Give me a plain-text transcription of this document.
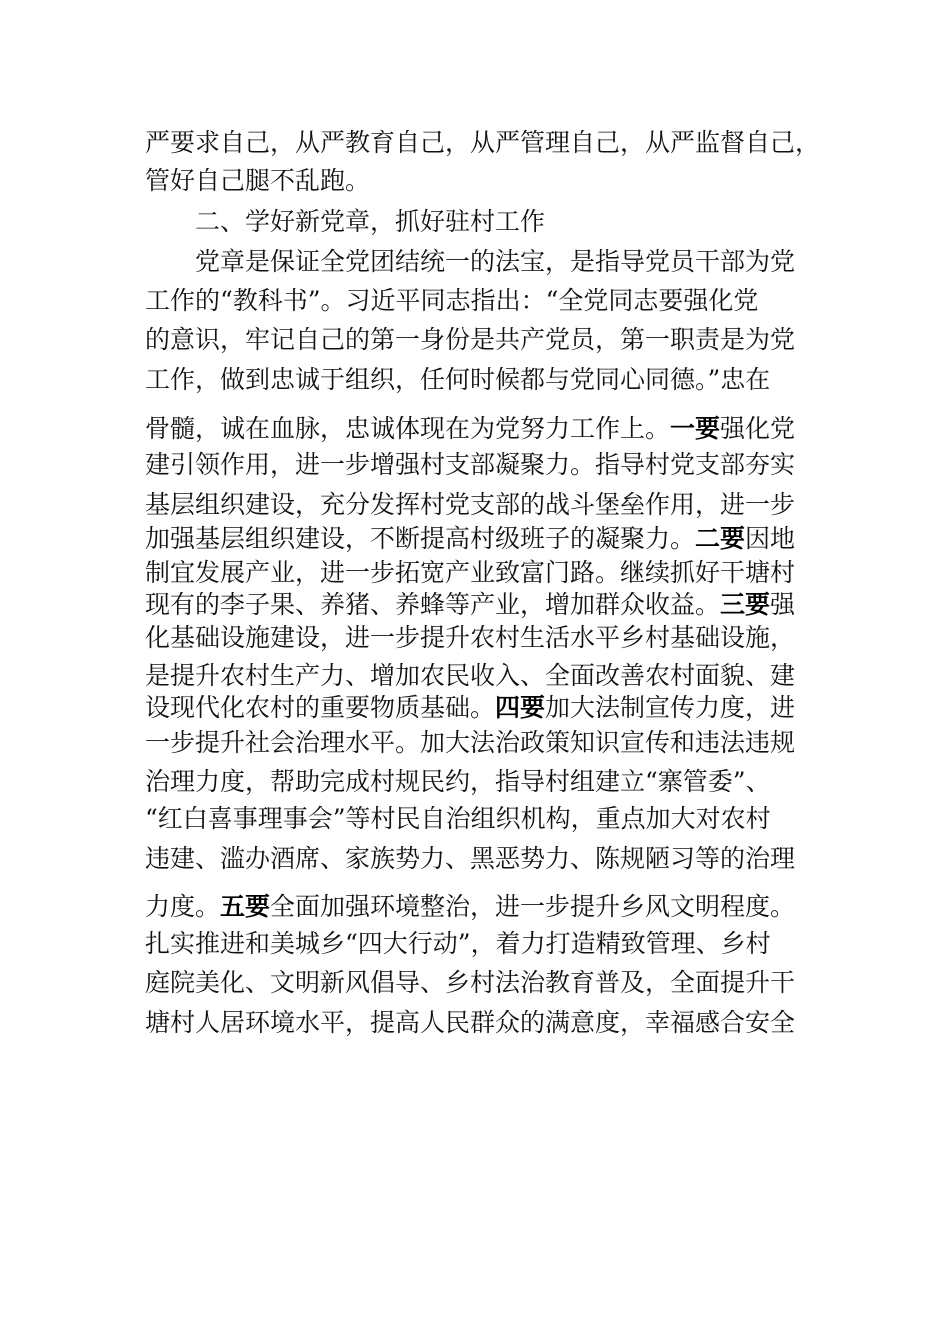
严要求自己，从严教育自己，从严管理自己，从严监督自己，
管好自己腿不乱跑。
二、学好新党章，抓好驻村工作
党章是保证全党团结统一的法宝，是指导党员干部为党
工作的“教科书”。习近平同志指出：“全党同志要强化党
的意识，牢记自己的第一身份是共产党员，第一职责是为党
工作，做到忠诚于组织，任何时候都与党同心同德。”忠在
骨髓，诚在血脉，忠诚体现在为党努力工作上。一要强化党
建引领作用，进一步增强村支部凝聚力。指导村党支部夯实
基层组织建设，充分发挥村党支部的战斗堡垒作用，进一步
加强基层组织建设，不断提高村级班子的凝聚力。二要因地
制宜发展产业，进一步拓宽产业致富门路。继续抓好干塘村
现有的李子果、养猪、养蜂等产业，增加群众收益。三要强
化基础设施建设，进一步提升农村生活水平乡村基础设施，
是提升农村生产力、增加农民收入、全面改善农村面貌、建
设现代化农村的重要物质基础。四要加大法制宣传力度，进
一步提升社会治理水平。加大法治政策知识宣传和违法违规
治理力度，帮助完成村规民约，指导村组建立“寨管委”、
“红白喜事理事会”等村民自治组织机构，重点加大对农村
违建、滥办酒席、家族势力、黑恶势力、陈规陋习等的治理
力度。五要全面加强环境整治，进一步提升乡风文明程度。
扎实推进和美城乡“四大行动”，着力打造精致管理、乡村
庭院美化、文明新风倡导、乡村法治教育普及，全面提升干
塘村人居环境水平，提高人民群众的满意度，幸福感合安全
